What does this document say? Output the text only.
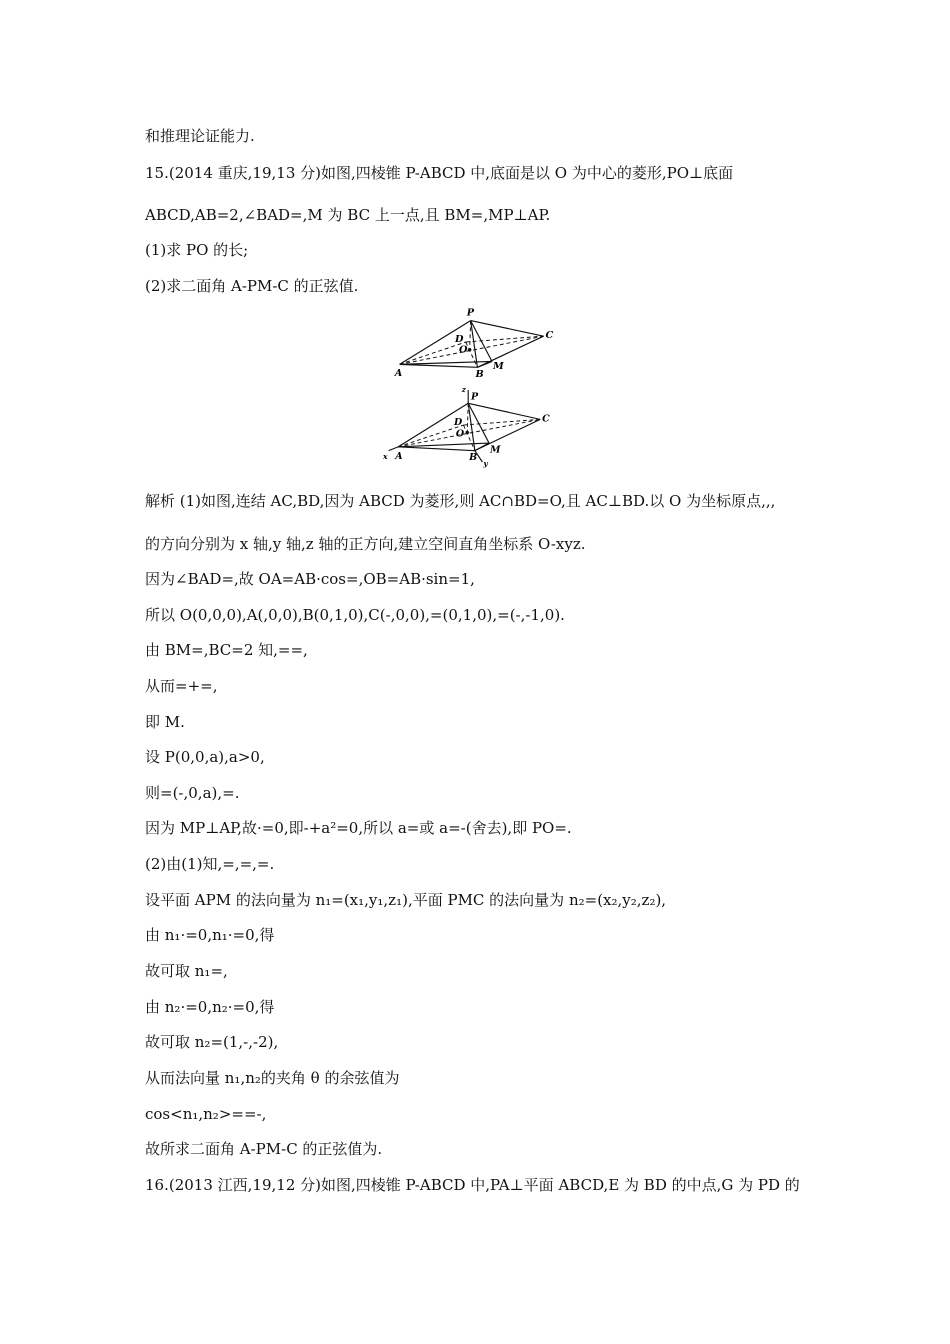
和推理论证能力.
15.(2014 重庆,19,13 分)如图,四棱锥 P-ABCD 中,底面是以 O 为中心的菱形,PO⊥底面
ABCD,AB=2,∠BAD=,M 为 BC 上一点,且 BM=,MP⊥AP.
(1)求 PO 的长;
(2)求二面角 A-PM-C 的正弦值.
P
D
O
C
A	B
M
z
P
D
O
C
x A	B
M
y
解析 (1)如图,连结 AC,BD,因为 ABCD 为菱形,则 AC∩BD=O,且 AC⊥BD.以 O 为坐标原点,,,
的方向分别为 x 轴,y 轴,z 轴的正方向,建立空间直角坐标系 O-xyz.
因为∠BAD=,故 OA=AB·cos=,OB=AB·sin=1,
所以 O(0,0,0),A(,0,0),B(0,1,0),C(-,0,0),=(0,1,0),=(-,-1,0).
由 BM=,BC=2 知,==,
从而=+=,
即 M.
设 P(0,0,a),a>0,
则=(-,0,a),=.
因为 MP⊥AP,故·=0,即-+a²=0,所以 a=或 a=-(舍去),即 PO=.
(2)由(1)知,=,=,=.
设平面 APM 的法向量为 n₁=(x₁,y₁,z₁),平面 PMC 的法向量为 n₂=(x₂,y₂,z₂),
由 n₁·=0,n₁·=0,得
故可取 n₁=,
由 n₂·=0,n₂·=0,得
故可取 n₂=(1,-,-2),
从而法向量 n₁,n₂的夹角 θ 的余弦值为
cos<n₁,n₂>==-,
故所求二面角 A-PM-C 的正弦值为.
16.(2013 江西,19,12 分)如图,四棱锥 P-ABCD 中,PA⊥平面 ABCD,E 为 BD 的中点,G 为 PD 的
